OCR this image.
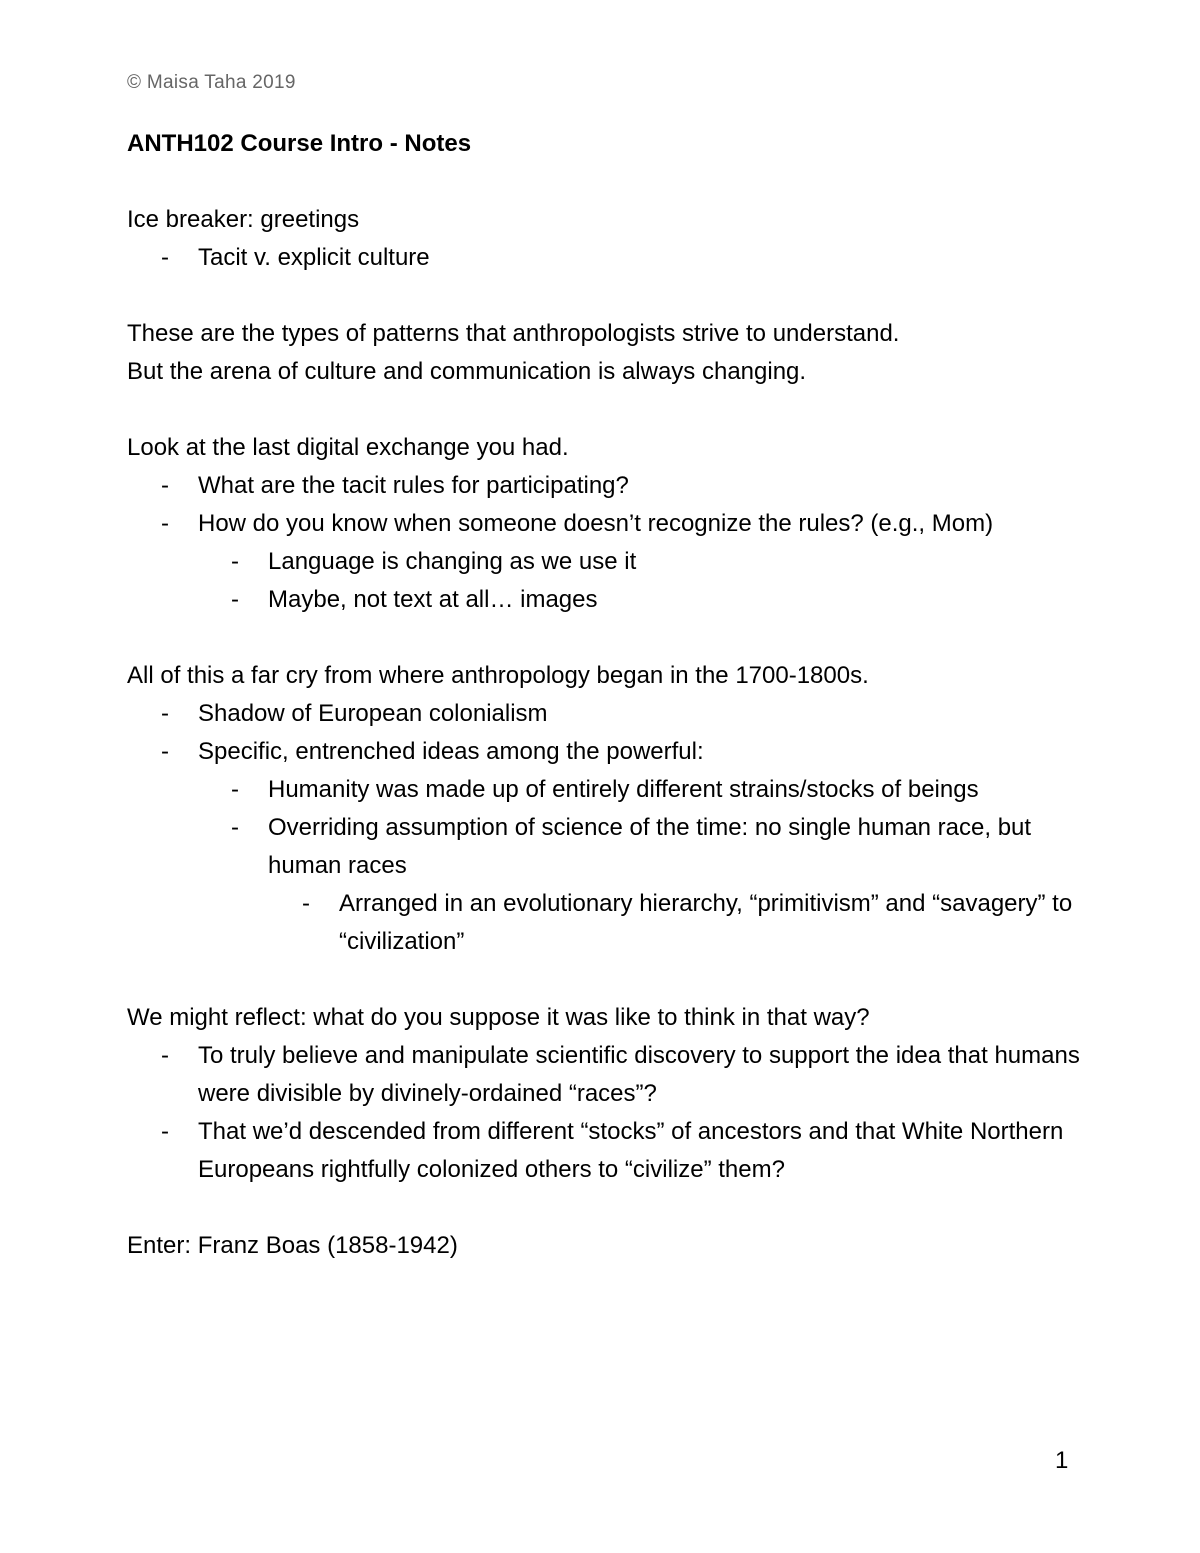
© Maisa Taha 2019

ANTH102 Course Intro - Notes

Ice breaker: greetings

- Tacit v. explicit culture

These are the types of patterns that anthropologists strive to understand.

But the arena of culture and communication is always changing.

Look at the last digital exchange you had.

- What are the tacit rules for participating?
- How do you know when someone doesn’t recognize the rules? (e.g., Mom)
- Language is changing as we use it
- Maybe, not text at all… images

All of this a far cry from where anthropology began in the 1700-1800s.

- Shadow of European colonialism
- Specific, entrenched ideas among the powerful:
- Humanity was made up of entirely different strains/stocks of beings
- Overriding assumption of science of the time: no single human race, but human races
- Arranged in an evolutionary hierarchy, “primitivism” and “savagery” to “civilization”

We might reflect: what do you suppose it was like to think in that way?

- To truly believe and manipulate scientific discovery to support the idea that humans were divisible by divinely-ordained “races”?
- That we’d descended from different “stocks” of ancestors and that White Northern Europeans rightfully colonized others to “civilize” them?

Enter: Franz Boas (1858-1942)

1
